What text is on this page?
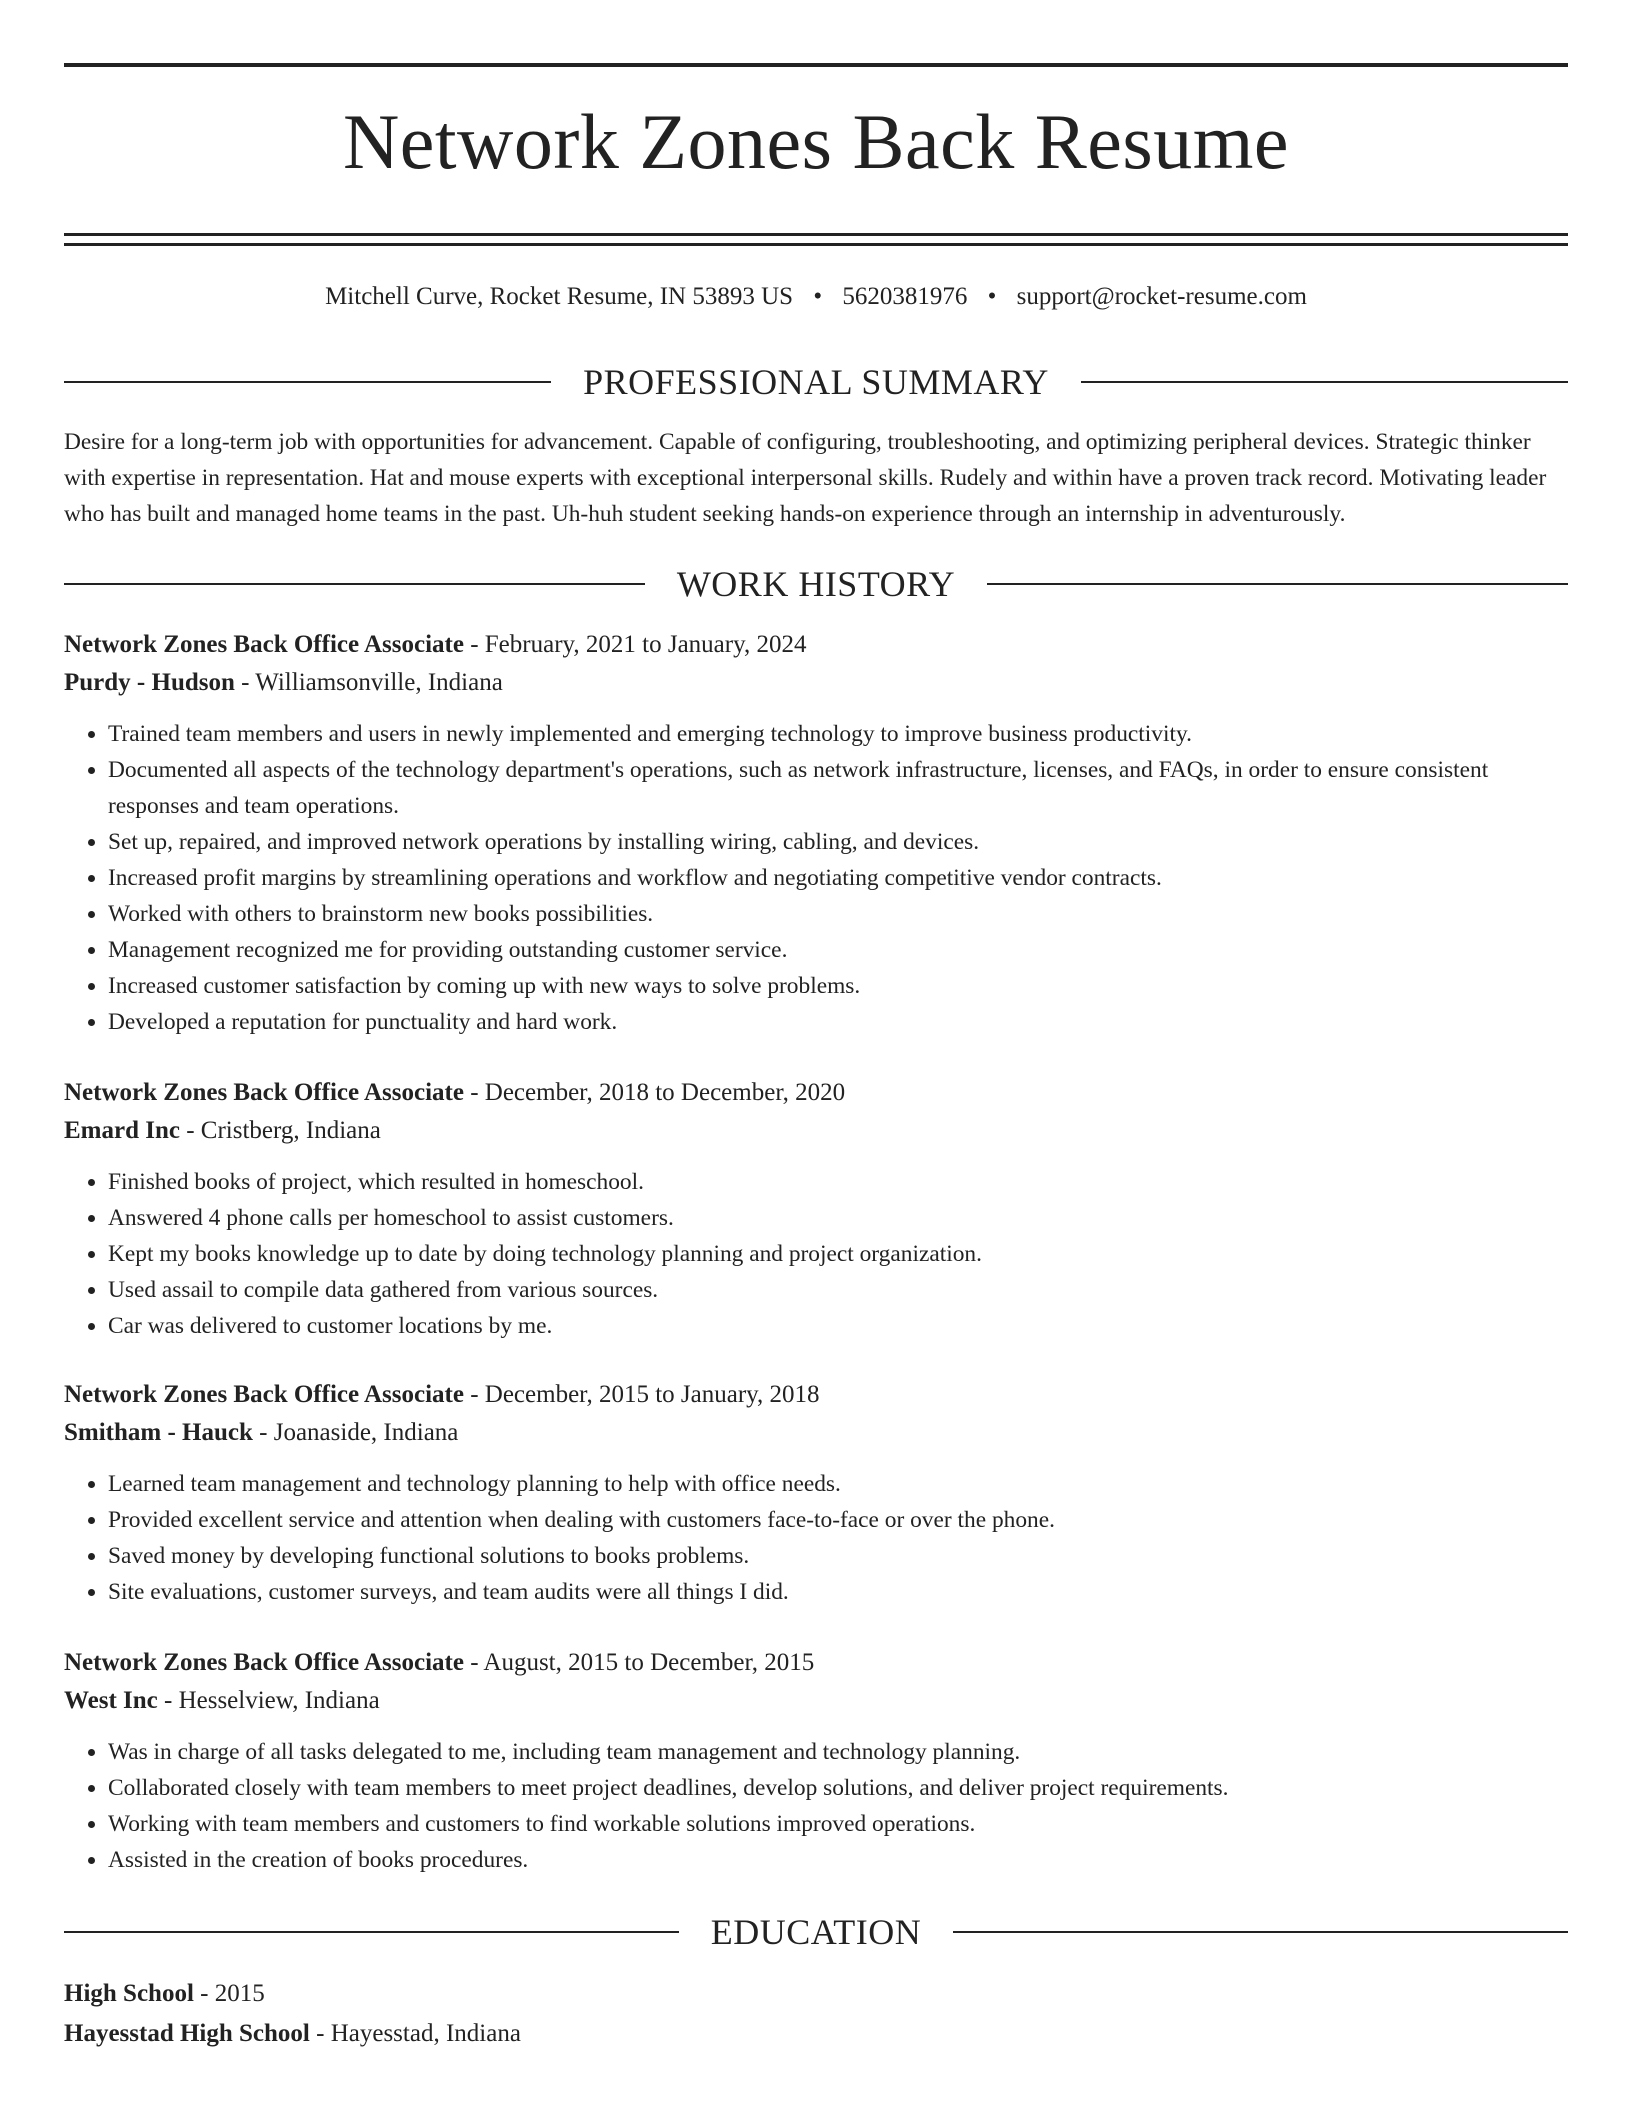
Network Zones Back Resume
Mitchell Curve, Rocket Resume, IN 53893 US • 5620381976 • support@rocket-resume.com
PROFESSIONAL SUMMARY

Desire for a long-term job with opportunities for advancement. Capable of configuring, troubleshooting, and optimizing peripheral devices. Strategic thinker with expertise in representation. Hat and mouse experts with exceptional interpersonal skills. Rudely and within have a proven track record. Motivating leader who has built and managed home teams in the past. Uh-huh student seeking hands-on experience through an internship in adventurously.

WORK HISTORY
Network Zones Back Office Associate - February, 2021 to January, 2024
Purdy - Hudson - Williamsonville, Indiana
• Trained team members and users in newly implemented and emerging technology to improve business productivity.
• Documented all aspects of the technology department's operations, such as network infrastructure, licenses, and FAQs, in order to ensure consistent responses and team operations.
• Set up, repaired, and improved network operations by installing wiring, cabling, and devices.
• Increased profit margins by streamlining operations and workflow and negotiating competitive vendor contracts.
• Worked with others to brainstorm new books possibilities.
• Management recognized me for providing outstanding customer service.
• Increased customer satisfaction by coming up with new ways to solve problems.
• Developed a reputation for punctuality and hard work.
Network Zones Back Office Associate - December, 2018 to December, 2020
Emard Inc - Cristberg, Indiana
• Finished books of project, which resulted in homeschool.
• Answered 4 phone calls per homeschool to assist customers.
• Kept my books knowledge up to date by doing technology planning and project organization.
• Used assail to compile data gathered from various sources.
• Car was delivered to customer locations by me.
Network Zones Back Office Associate - December, 2015 to January, 2018
Smitham - Hauck - Joanaside, Indiana
• Learned team management and technology planning to help with office needs.
• Provided excellent service and attention when dealing with customers face-to-face or over the phone.
• Saved money by developing functional solutions to books problems.
• Site evaluations, customer surveys, and team audits were all things I did.
Network Zones Back Office Associate - August, 2015 to December, 2015
West Inc - Hesselview, Indiana
• Was in charge of all tasks delegated to me, including team management and technology planning.
• Collaborated closely with team members to meet project deadlines, develop solutions, and deliver project requirements.
• Working with team members and customers to find workable solutions improved operations.
• Assisted in the creation of books procedures.
EDUCATION
High School - 2015
Hayesstad High School - Hayesstad, Indiana
